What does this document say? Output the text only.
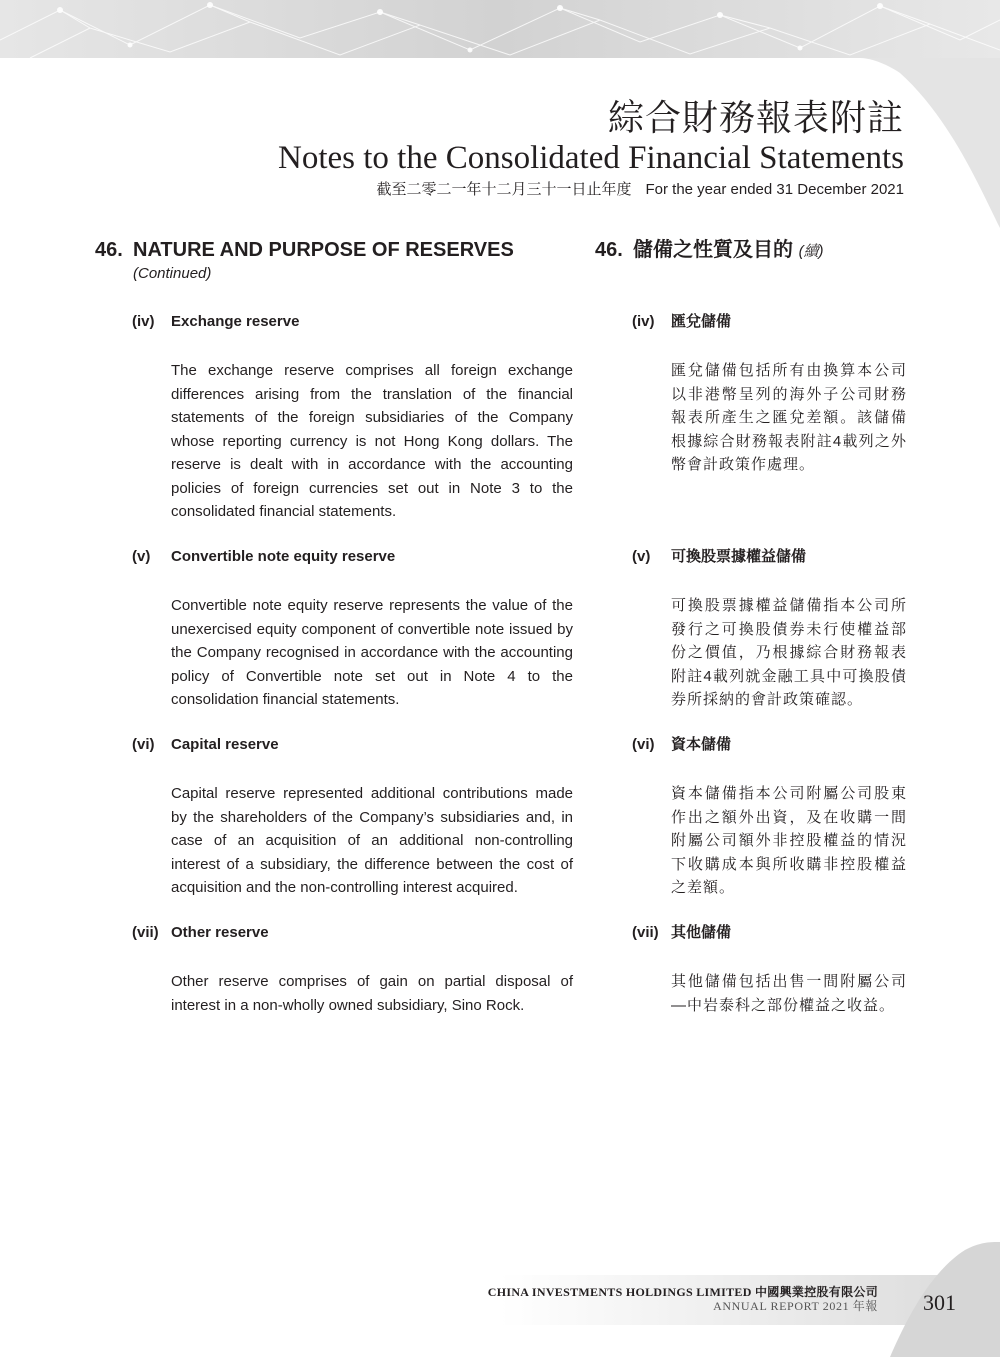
綜合財務報表附註
Notes to the Consolidated Financial Statements
截至二零二一年十二月三十一日止年度 For the year ended 31 December 2021
46. NATURE AND PURPOSE OF RESERVES
(Continued)
(iv) Exchange reserve
The exchange reserve comprises all foreign exchange differences arising from the translation of the financial statements of the foreign subsidiaries of the Company whose reporting currency is not Hong Kong dollars. The reserve is dealt with in accordance with the accounting policies of foreign currencies set out in Note 3 to the consolidated financial statements.
(v) Convertible note equity reserve
Convertible note equity reserve represents the value of the unexercised equity component of convertible note issued by the Company recognised in accordance with the accounting policy of Convertible note set out in Note 4 to the consolidation financial statements.
(vi) Capital reserve
Capital reserve represented additional contributions made by the shareholders of the Company’s subsidiaries and, in case of an acquisition of an additional non-controlling interest of a subsidiary, the difference between the cost of acquisition and the non-controlling interest acquired.
(vii) Other reserve
Other reserve comprises of gain on partial disposal of interest in a non-wholly owned subsidiary, Sino Rock.
46. 儲備之性質及目的 (續)
(iv) 匯兌儲備
匯兌儲備包括所有由換算本公司以非港幣呈列的海外子公司財務報表所產生之匯兌差額。該儲備根據綜合財務報表附註4載列之外幣會計政策作處理。
(v) 可換股票據權益儲備
可換股票據權益儲備指本公司所發行之可換股債券未行使權益部份之價值，乃根據綜合財務報表附註4載列就金融工具中可換股債券所採納的會計政策確認。
(vi) 資本儲備
資本儲備指本公司附屬公司股東作出之額外出資，及在收購一間附屬公司額外非控股權益的情況下收購成本與所收購非控股權益之差額。
(vii) 其他儲備
其他儲備包括出售一間附屬公司—中岩泰科之部份權益之收益。
CHINA INVESTMENTS HOLDINGS LIMITED 中國興業控股有限公司
ANNUAL REPORT 2021 年報 301
